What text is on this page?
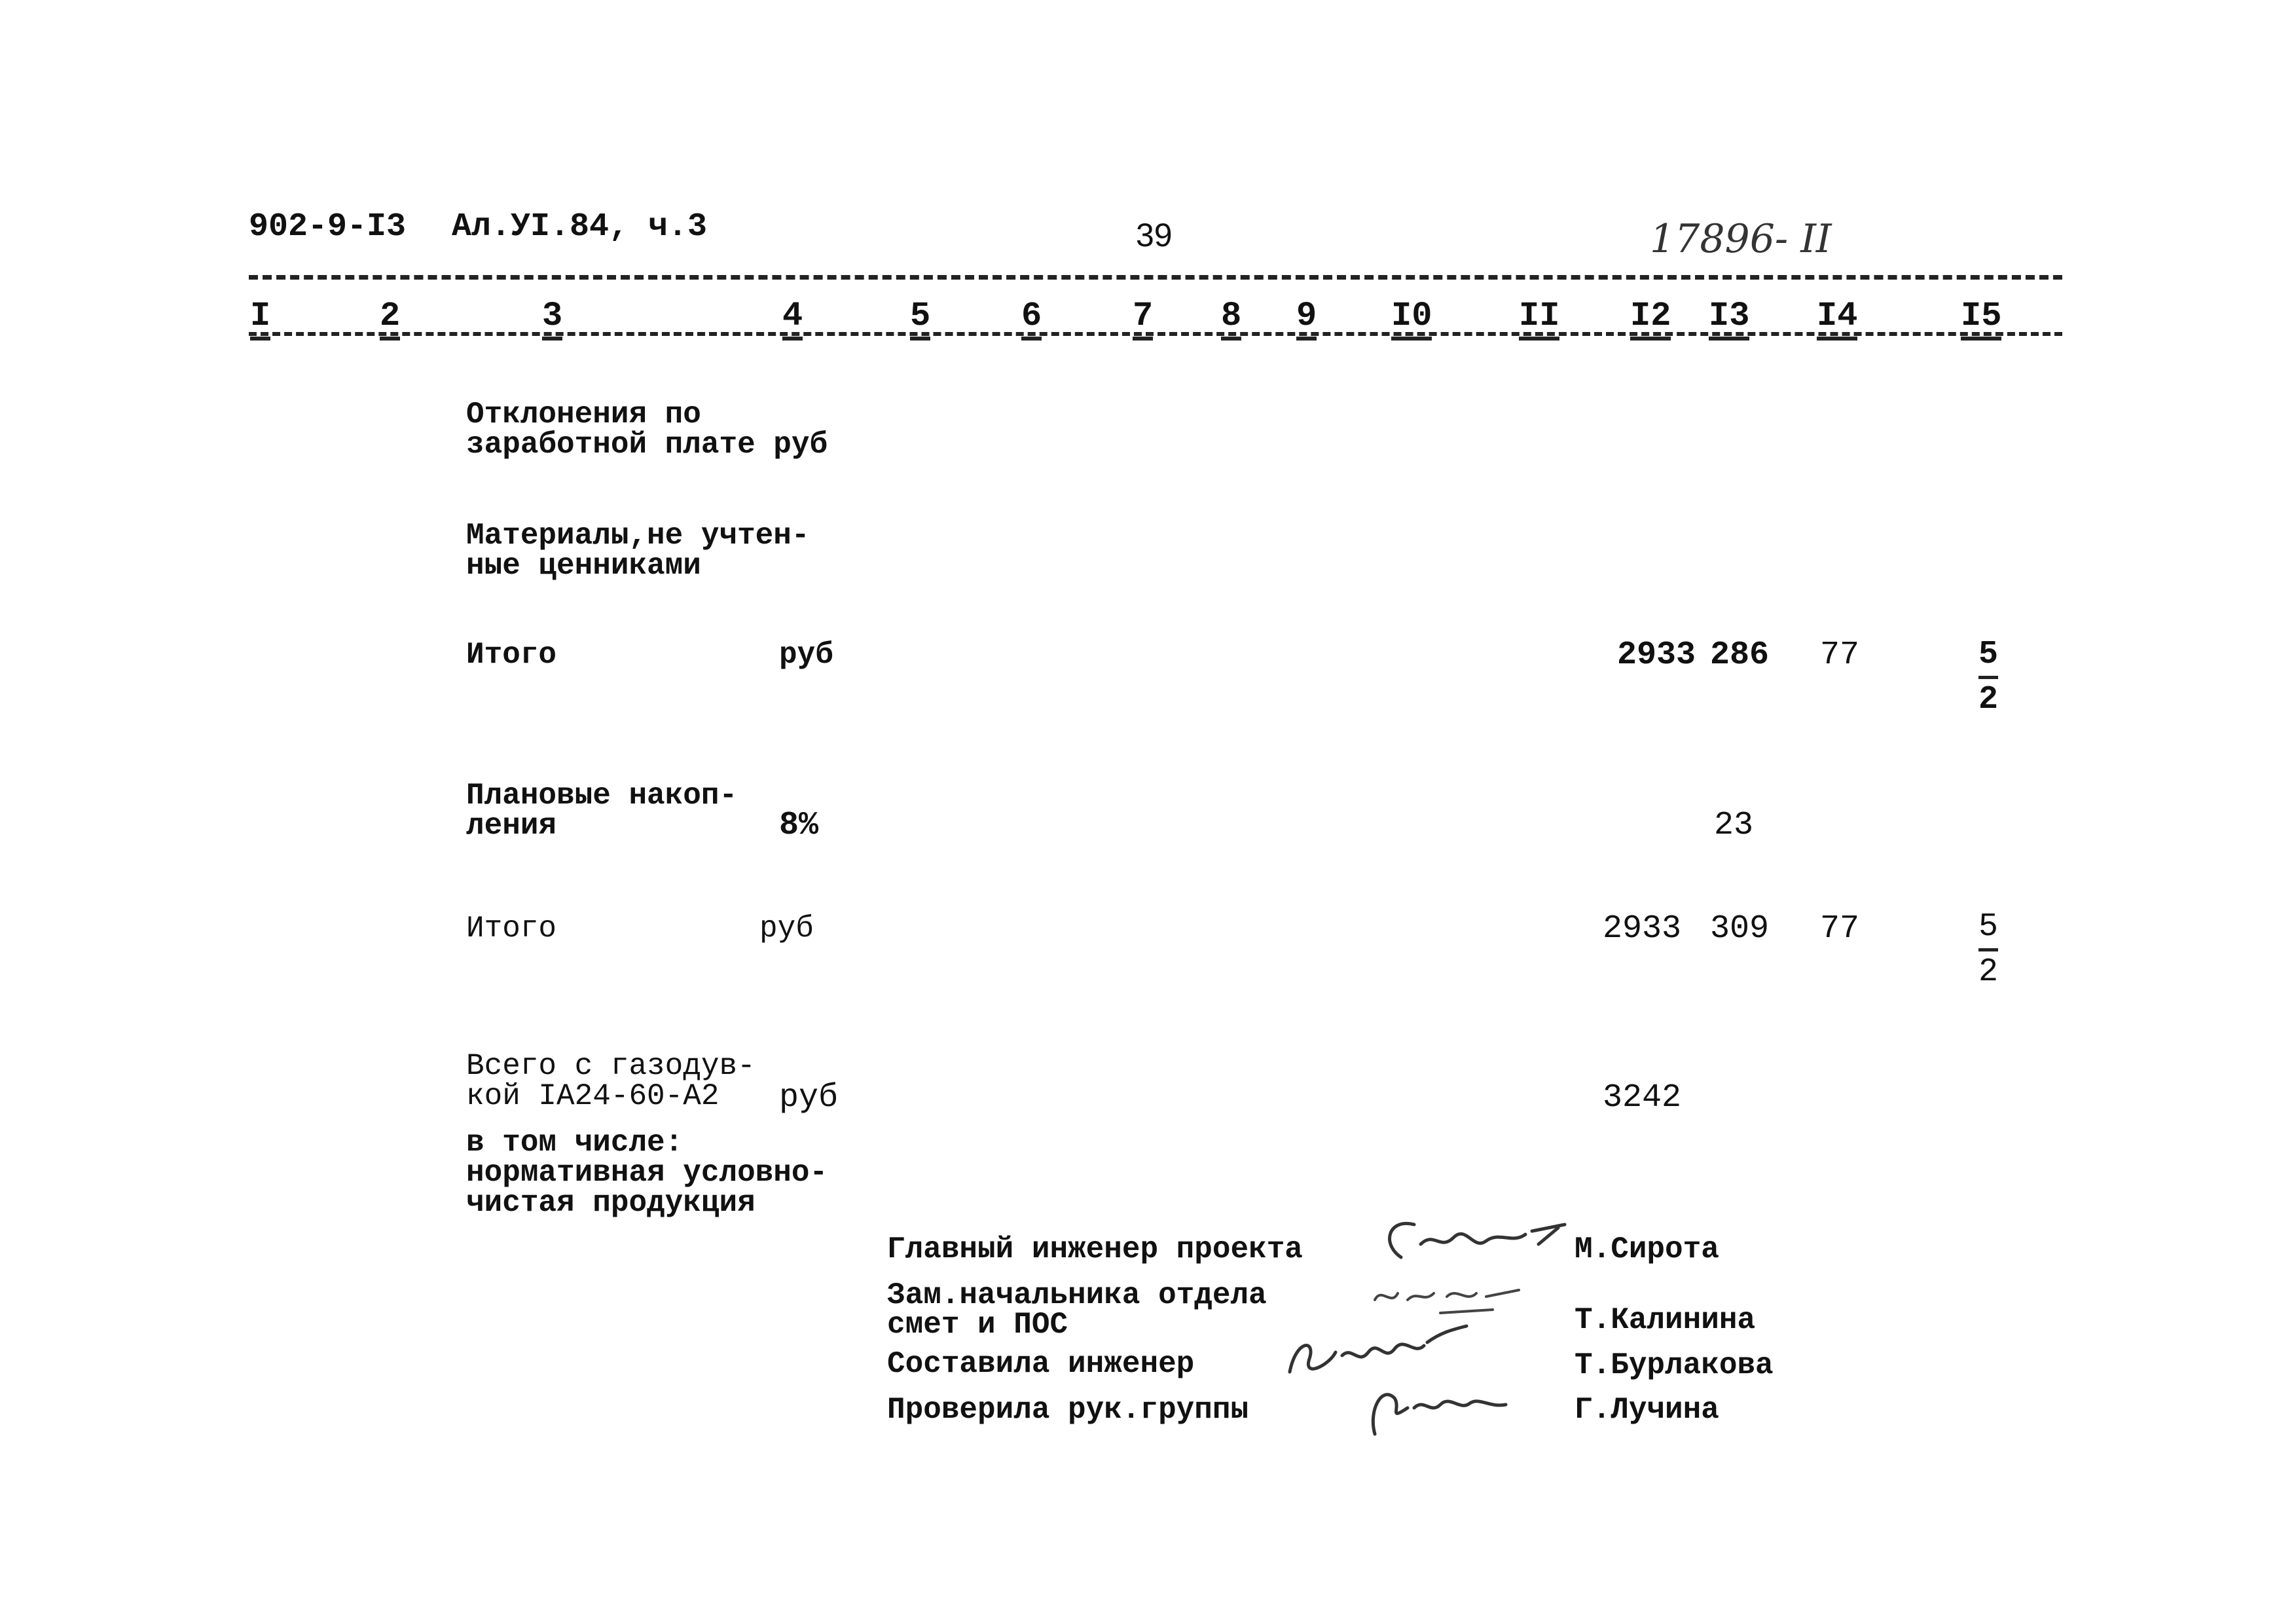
902-9-I3 Ал.УI.84, ч.3	39	17896- II
I	2	3	4	5	6	7 8 9 I0	II I2 I3 I4	I5
Отклонения по
заработной плате руб
Материалы,не учтен-
ные ценниками
Итого	руб	2933 286 77	$\frac{5}{2}$
Плановые накоп-
ления	8%	23
Итого	руб	2933 309 77	$\frac{5}{2}$
Всего с газодув-
кой IА24-60-А2 руб	3242
в том числе:
нормативная условно-
чистая продукция
Главный инженер проекта	М.Сирота
Зам.начальника отдела
смет и ПОС	Т.Калинина
Составила инженер	Т.Бурлакова
Проверила рук.группы	Г.Лучина
